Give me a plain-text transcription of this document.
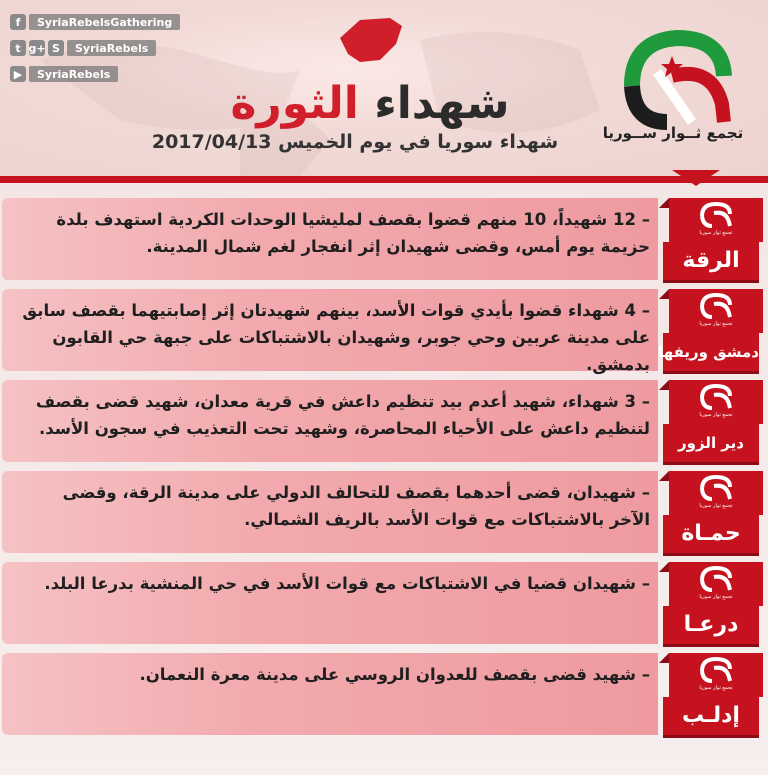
f	SyriaRebelsGathering
t g+ S	SyriaRebels
▶	SyriaRebels
شهداء الثورة
شهداء سوريا في يوم الخميس 2017/04/13	تجمع ثــوار ســوريا
– 12 شهيداً، 10 منهم قضوا بقصف لمليشيا الوحدات الكردية استهدف بلدة حزيمة يوم أمس، وقضى شهيدان إثر انفجار لغم شمال المدينة.
تجمع ثوار سوريا
الرقة
– 4 شهداء قضوا بأيدي قوات الأسد، بينهم شهيدتان إثر إصابتيهما بقصف سابق على مدينة عربين وحي جوبر، وشهيدان بالاشتباكات على جبهة حي القابون بدمشق.
تجمع ثوار سوريا
دمشق وريفها
– 3 شهداء، شهيد أعدم بيد تنظيم داعش في قرية معدان، شهيد قضى بقصف لتنظيم داعش على الأحياء المحاصرة، وشهيد تحت التعذيب في سجون الأسد.
تجمع ثوار سوريا
دير الزور
– شهيدان، قضى أحدهما بقصف للتحالف الدولي على مدينة الرقة، وقضى الآخر بالاشتباكات مع قوات الأسد بالريف الشمالي.
تجمع ثوار سوريا
حمـاة
– شهيدان قضيا في الاشتباكات مع قوات الأسد في حي المنشية بدرعا البلد.
تجمع ثوار سوريا
درعـا
– شهيد قضى بقصف للعدوان الروسي على مدينة معرة النعمان.
تجمع ثوار سوريا
إدلـب
